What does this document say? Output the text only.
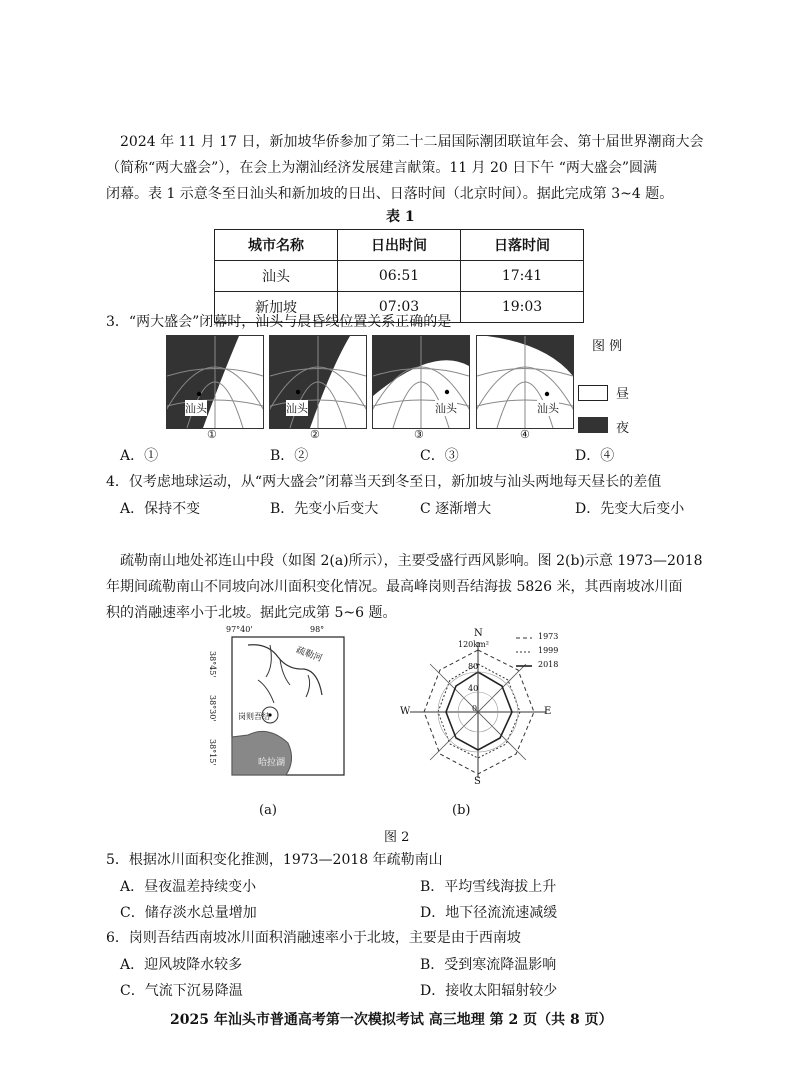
2024 年 11 月 17 日，新加坡华侨参加了第二十二届国际潮团联谊年会、第十届世界潮商大会
（简称“两大盛会”），在会上为潮汕经济发展建言献策。11 月 20 日下午 “两大盛会”圆满
闭幕。表 1 示意冬至日汕头和新加坡的日出、日落时间（北京时间）。据此完成第 3~4 题。
表 1
城市名称	日出时间	日落时间
汕头	06:51	17:41
新加坡	07:03	19:03
3．“两大盛会”闭幕时，汕头与晨昏线位置关系正确的是
汕头	汕头	汕头	汕头
①	②	③	④
图 例
昼
夜
A．①	B．②	C．③	D．④
4．仅考虑地球运动，从“两大盛会”闭幕当天到冬至日，新加坡与汕头两地每天昼长的差值
A．保持不变	B．先变小后变大	C 逐渐增大	D．先变大后变小
疏勒南山地处祁连山中段（如图 2(a)所示），主要受盛行西风影响。图 2(b)示意 1973—2018
年期间疏勒南山不同坡向冰川面积变化情况。最高峰岗则吾结海拔 5826 米，其西南坡冰川面
积的消融速率小于北坡。据此完成第 5~6 题。
97°40'	98°
38°45'
38°30'
38°15'
疏勒河
岗则吾结
哈拉湖
(a)
N
120km²
80
40
0
W	E
S
1973
1999
2018
(b)
图 2
5．根据冰川面积变化推测，1973—2018 年疏勒南山
A．昼夜温差持续变小	B．平均雪线海拔上升
C．储存淡水总量增加	D．地下径流流速减缓
6．岗则吾结西南坡冰川面积消融速率小于北坡，主要是由于西南坡
A．迎风坡降水较多	B．受到寒流降温影响
C．气流下沉易降温	D．接收太阳辐射较少
2025 年汕头市普通高考第一次模拟考试 高三地理 第 2 页（共 8 页）
